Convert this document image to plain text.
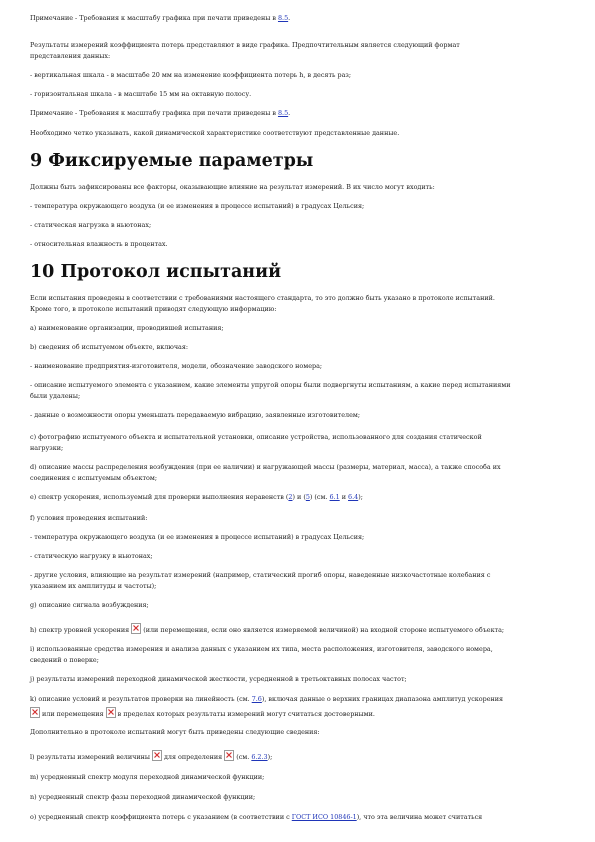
Примечание - Требования к масштабу графика при печати приведены в 8.5.

Результаты измерений коэффициента потерь представляют в виде графика. Предпочтительным является следующий формат

представления данных:

- вертикальная шкала - в масштабе 20 мм на изменение коэффициента потерь h, в десять раз;

- горизонтальная шкала - в масштабе 15 мм на октавную полосу.

Примечание - Требования к масштабу графика при печати приведены в 8.5.

Необходимо четко указывать, какой динамической характеристике соответствуют представленные данные.

9 Фиксируемые параметры

Должны быть зафиксированы все факторы, оказывающие влияние на результат измерений. В их число могут входить:

- температура окружающего воздуха (и ее изменения в процессе испытаний) в градусах Цельсия;

- статическая нагрузка в ньютонах;

- относительная влажность в процентах.

10 Протокол испытаний

Если испытания проведены в соответствии с требованиями настоящего стандарта, то это должно быть указано в протоколе испытаний.

Кроме того, в протоколе испытаний приводят следующую информацию:

а) наименование организации, проводившей испытания;

b) сведения об испытуемом объекте, включая:

- наименование предприятия-изготовителя, модели, обозначение заводского номера;

- описание испытуемого элемента с указанием, какие элементы упругой опоры были подвергнуты испытаниям, а какие перед испытаниями

были удалены;

- данные о возможности опоры уменьшать передаваемую вибрацию, заявленные изготовителем;

c) фотографию испытуемого объекта и испытательной установки, описание устройства, использованного для создания статической

нагрузки;

d) описание массы распределения возбуждения (при ее наличии) и нагружающей массы (размеры, материал, масса), а также способа их

соединения с испытуемым объектом;

e) спектр ускорения, используемый для проверки выполнения неравенств (2) и (5) (см. 6.1 и 6.4);

f) условия проведения испытаний:

- температура окружающего воздуха (и ее изменения в процессе испытаний) в градусах Цельсия;

- статическую нагрузку в ньютонах;

- другие условия, влияющие на результат измерений (например, статический прогиб опоры, наведенные низкочастотные колебания с

указанием их амплитуды и частоты);

g) описание сигнала возбуждения;

h) спектр уровней ускорения
(или перемещения, если оно является измеряемой величиной) на входной стороне испытуемого объекта;

i) использованные средства измерения и анализа данных с указанием их типа, места расположения, изготовителя, заводского номера,

сведений о поверке;

j) результаты измерений переходной динамической жесткости, усредненной в третьоктавных полосах частот;

k) описание условий и результатов проверки на линейность (см. 7.6), включая данные о верхних границах диапазона амплитуд ускорения

или перемещения
в пределах которых результаты измерений могут считаться достоверными.

Дополнительно в протоколе испытаний могут быть приведены следующие сведения:

l) результаты измерений величины
для определения
(см. 6.2.3);

m) усредненный спектр модуля переходной динамической функции;

n) усредненный спектр фазы переходной динамической функции;

o) усредненный спектр коэффициента потерь с указанием (в соответствии с ГОСТ ИСО 10846-1), что эта величина может считаться
